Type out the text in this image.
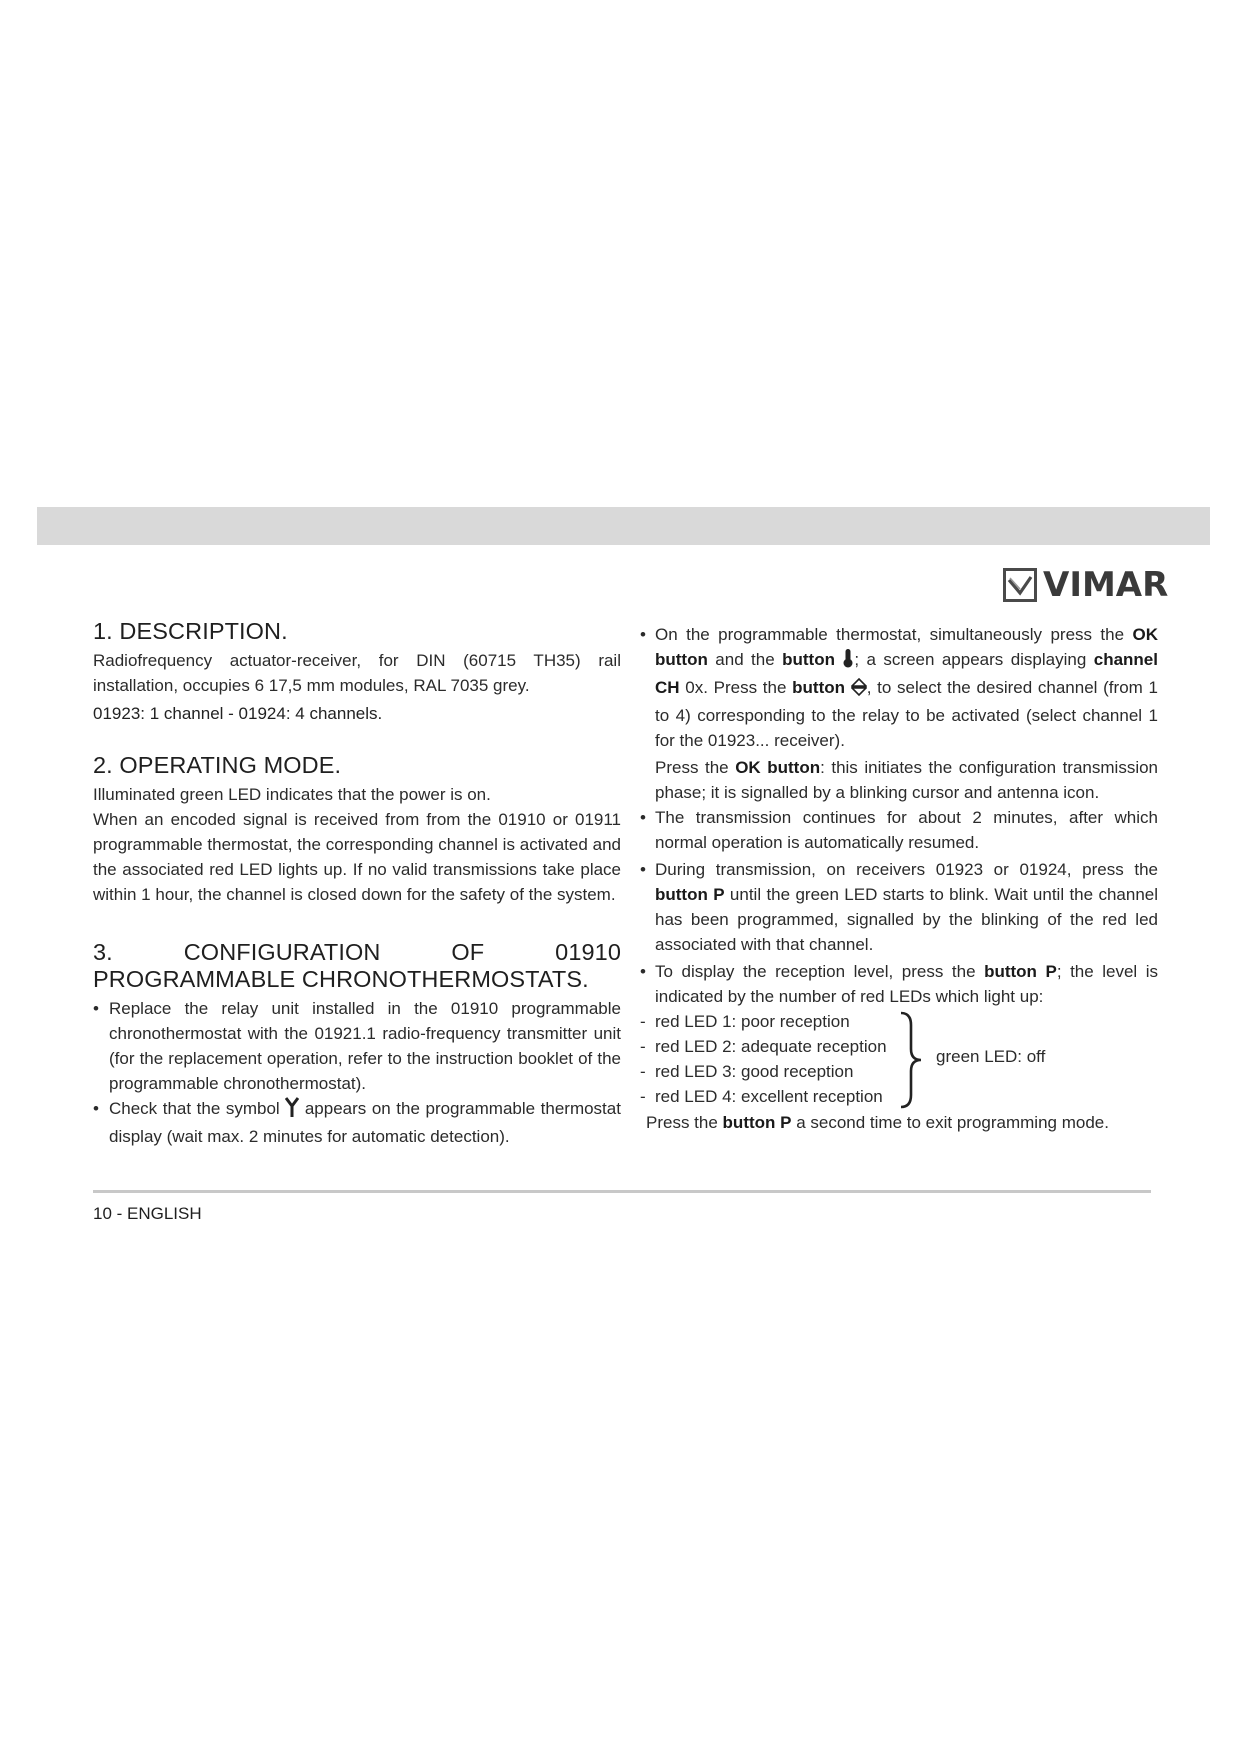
VIMAR
1. DESCRIPTION.

Radiofrequency actuator-receiver, for DIN (60715 TH35) rail installation, occupies 6 17,5 mm modules, RAL 7035 grey.

01923: 1 channel - 01924: 4 channels.

2. OPERATING MODE.

Illuminated green LED indicates that the power is on.

When an encoded signal is received from from the 01910 or 01911 programmable thermostat, the corresponding channel is activated and the associated red LED lights up. If no valid transmissions take place within 1 hour, the channel is closed down for the safety of the system.

3. CONFIGURATION OF 01910 PROGRAMMABLE CHRONOTHERMOSTATS.
• Replace the relay unit installed in the 01910 programmable chronothermostat with the 01921.1 radio-frequency transmitter unit (for the replacement operation, refer to the instruction booklet of the programmable chronothermostat).
• Check that the symbol appears on the programmable thermostat display (wait max. 2 minutes for automatic detection).
• On the programmable thermostat, simultaneously press the OK button and the button ; a screen appears displaying channel CH 0x. Press the button , to select the desired channel (from 1 to 4) corresponding to the relay to be activated (select channel 1 for the 01923... receiver).
Press the OK button: this initiates the configuration transmission phase; it is signalled by a blinking cursor and antenna icon.
• The transmission continues for about 2 minutes, after which normal operation is automatically resumed.
• During transmission, on receivers 01923 or 01924, press the button P until the green LED starts to blink. Wait until the channel has been programmed, signalled by the blinking of the red led associated with that channel.
• To display the reception level, press the button P; the level is indicated by the number of red LEDs which light up:
- red LED 1: poor reception
- red LED 2: adequate reception
- red LED 3: good reception
- red LED 4: excellent reception
green LED: off

Press the button P a second time to exit programming mode.

10 - ENGLISH
